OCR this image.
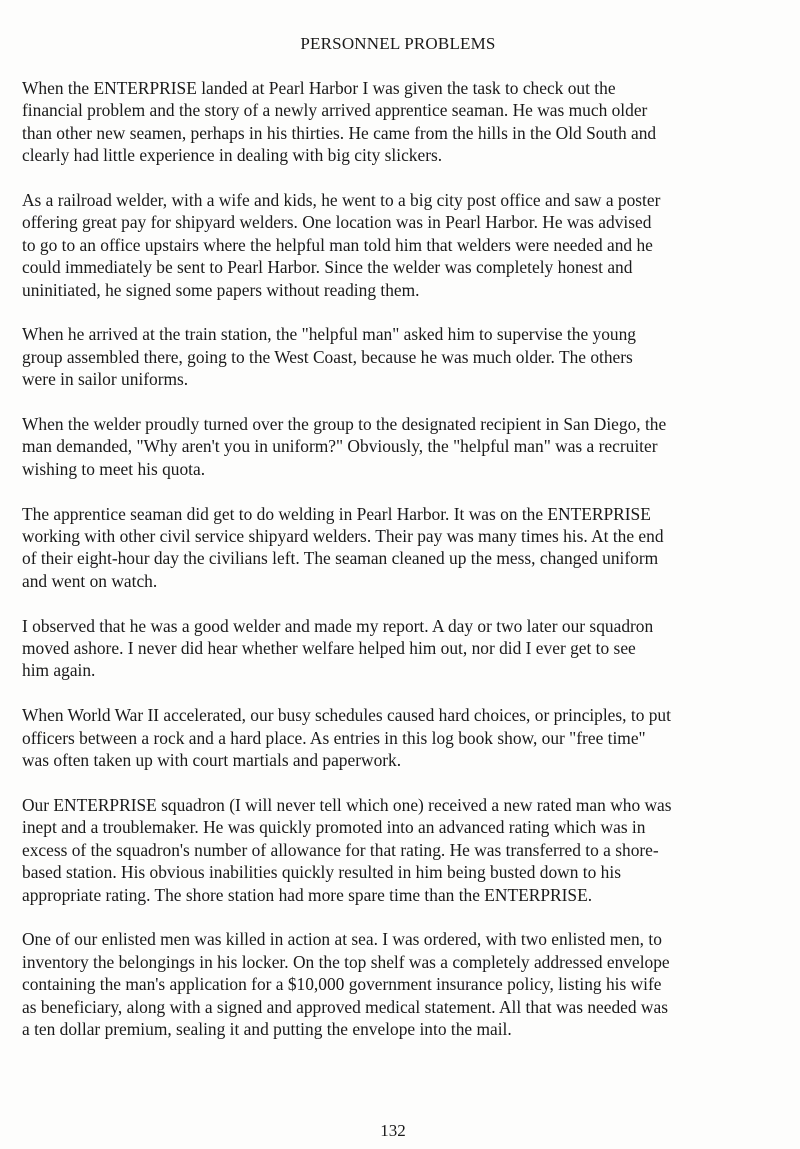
PERSONNEL PROBLEMS
When the ENTERPRISE landed at Pearl Harbor I was given the task to check out the
financial problem and the story of a newly arrived apprentice seaman. He was much older
than other new seamen, perhaps in his thirties. He came from the hills in the Old South and
clearly had little experience in dealing with big city slickers.
As a railroad welder, with a wife and kids, he went to a big city post office and saw a poster
offering great pay for shipyard welders. One location was in Pearl Harbor. He was advised
to go to an office upstairs where the helpful man told him that welders were needed and he
could immediately be sent to Pearl Harbor. Since the welder was completely honest and
uninitiated, he signed some papers without reading them.
When he arrived at the train station, the "helpful man" asked him to supervise the young
group assembled there, going to the West Coast, because he was much older. The others
were in sailor uniforms.
When the welder proudly turned over the group to the designated recipient in San Diego, the
man demanded, "Why aren't you in uniform?" Obviously, the "helpful man" was a recruiter
wishing to meet his quota.
The apprentice seaman did get to do welding in Pearl Harbor. It was on the ENTERPRISE
working with other civil service shipyard welders. Their pay was many times his. At the end
of their eight-hour day the civilians left. The seaman cleaned up the mess, changed uniform
and went on watch.
I observed that he was a good welder and made my report. A day or two later our squadron
moved ashore. I never did hear whether welfare helped him out, nor did I ever get to see
him again.
When World War II accelerated, our busy schedules caused hard choices, or principles, to put
officers between a rock and a hard place. As entries in this log book show, our "free time"
was often taken up with court martials and paperwork.
Our ENTERPRISE squadron (I will never tell which one) received a new rated man who was
inept and a troublemaker. He was quickly promoted into an advanced rating which was in
excess of the squadron's number of allowance for that rating. He was transferred to a shore-
based station. His obvious inabilities quickly resulted in him being busted down to his
appropriate rating. The shore station had more spare time than the ENTERPRISE.
One of our enlisted men was killed in action at sea. I was ordered, with two enlisted men, to
inventory the belongings in his locker. On the top shelf was a completely addressed envelope
containing the man's application for a $10,000 government insurance policy, listing his wife
as beneficiary, along with a signed and approved medical statement. All that was needed was
a ten dollar premium, sealing it and putting the envelope into the mail.
132
